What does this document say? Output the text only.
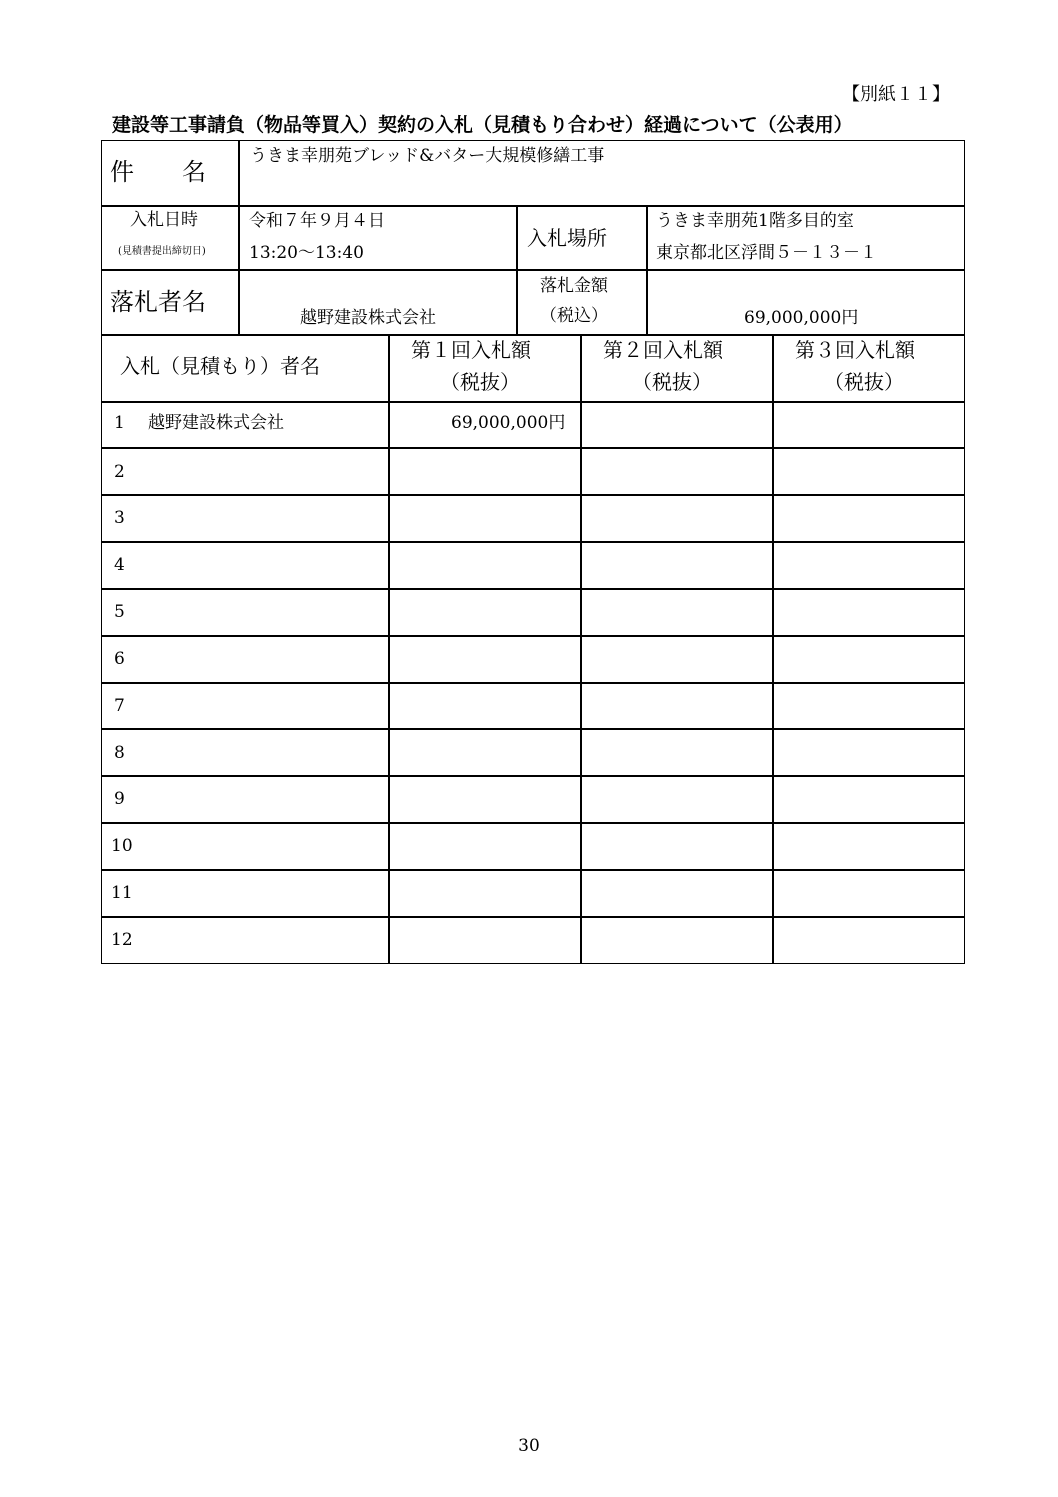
【別紙１１】
建設等工事請負（物品等買入）契約の入札（見積もり合わせ）経過について（公表用）
件　　名
うきま幸朋苑ブレッド&バター大規模修繕工事
入札日時
(見積書提出締切日)
令和７年９月４日
13:20～13:40
入札場所
うきま幸朋苑1階多目的室
東京都北区浮間５－１３－１
落札者名
越野建設株式会社
落札金額
（税込）	69,000,000円
入札（見積もり）者名
第１回入札額
（税抜）
第２回入札額
（税抜）
第３回入札額
（税抜）
1 越野建設株式会社	69,000,000円
2
3
4
5
6
7
8
9
10
11
12
30
